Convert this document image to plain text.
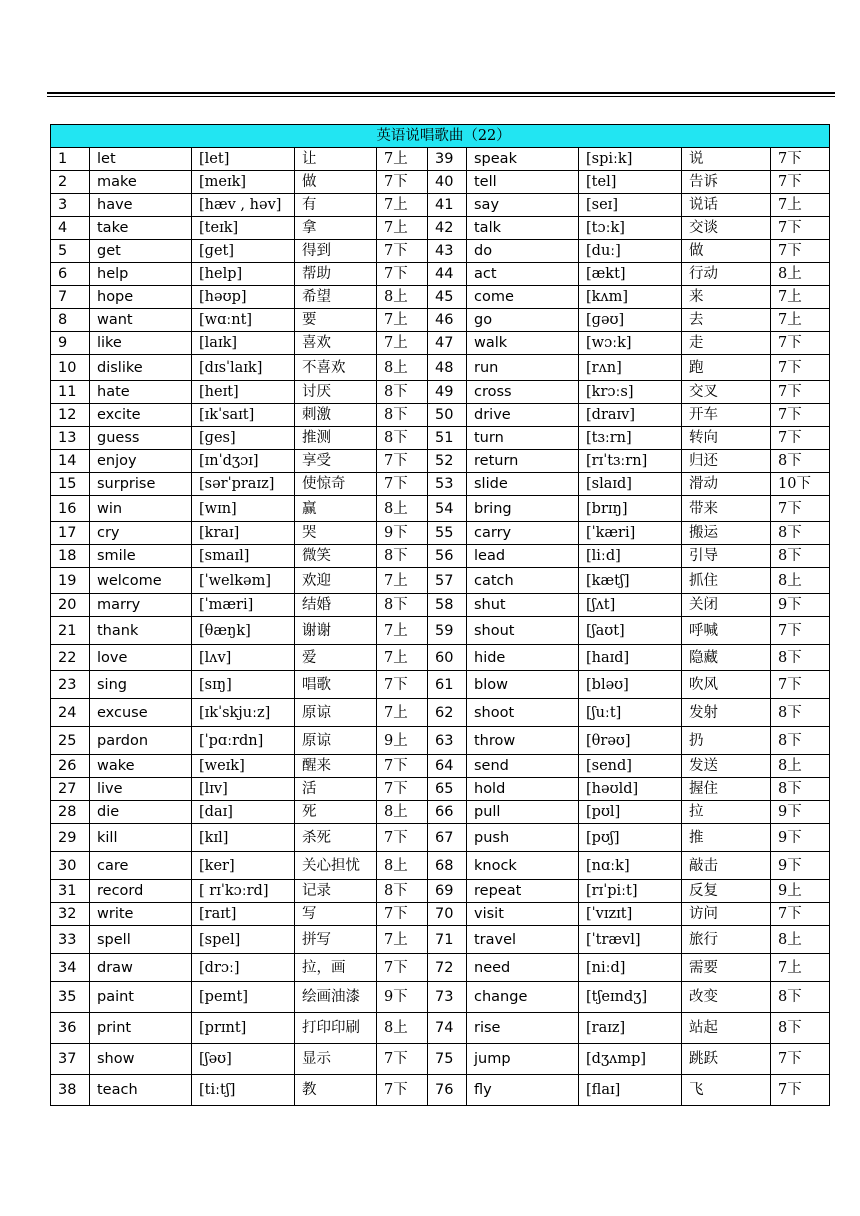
英语说唱歌曲（22）									
1	let	[let]	让	7上	39	speak	[spiːk]	说	7下
2	make	[meɪk]	做	7下	40	tell	[tel]	告诉	7下
3	have	[hæv , həv]	有	7上	41	say	[seɪ]	说话	7上
4	take	[teɪk]	拿	7上	42	talk	[tɔːk]	交谈	7下
5	get	[ɡet]	得到	7下	43	do	[duː]	做	7下
6	help	[help]	帮助	7下	44	act	[ækt]	行动	8上
7	hope	[həʊp]	希望	8上	45	come	[kʌm]	来	7上
8	want	[wɑːnt]	要	7上	46	go	[ɡəʊ]	去	7上
9	like	[laɪk]	喜欢	7上	47	walk	[wɔːk]	走	7下
10	dislike	[dɪsˈlaɪk]	不喜欢	8上	48	run	[rʌn]	跑	7下
11	hate	[heɪt]	讨厌	8下	49	cross	[krɔːs]	交叉	7下
12	excite	[ɪkˈsaɪt]	刺激	8下	50	drive	[draɪv]	开车	7下
13	guess	[ɡes]	推测	8下	51	turn	[tɜːrn]	转向	7下
14	enjoy	[ɪnˈdʒɔɪ]	享受	7下	52	return	[rɪˈtɜːrn]	归还	8下
15	surprise	[sərˈpraɪz]	使惊奇	7下	53	slide	[slaɪd]	滑动	10下
16	win	[wɪn]	赢	8上	54	bring	[brɪŋ]	带来	7下
17	cry	[kraɪ]	哭	9下	55	carry	[ˈkæri]	搬运	8下
18	smile	[smaɪl]	微笑	8下	56	lead	[liːd]	引导	8下
19	welcome	[ˈwelkəm]	欢迎	7上	57	catch	[kætʃ]	抓住	8上
20	marry	[ˈmæri]	结婚	8下	58	shut	[ʃʌt]	关闭	9下
21	thank	[θæŋk]	谢谢	7上	59	shout	[ʃaʊt]	呼喊	7下
22	love	[lʌv]	爱	7上	60	hide	[haɪd]	隐藏	8下
23	sing	[sɪŋ]	唱歌	7下	61	blow	[bləʊ]	吹风	7下
24	excuse	[ɪkˈskjuːz]	原谅	7上	62	shoot	[ʃuːt]	发射	8下
25	pardon	[ˈpɑːrdn]	原谅	9上	63	throw	[θrəʊ]	扔	8下
26	wake	[weɪk]	醒来	7下	64	send	[send]	发送	8上
27	live	[lɪv]	活	7下	65	hold	[həʊld]	握住	8下
28	die	[daɪ]	死	8上	66	pull	[pʊl]	拉	9下
29	kill	[kɪl]	杀死	7下	67	push	[pʊʃ]	推	9下
30	care	[ker]	关心担忧	8上	68	knock	[nɑːk]	敲击	9下
31	record	[ rɪˈkɔːrd]	记录	8下	69	repeat	[rɪˈpiːt]	反复	9上
32	write	[raɪt]	写	7下	70	visit	[ˈvɪzɪt]	访问	7下
33	spell	[spel]	拼写	7上	71	travel	[ˈtrævl]	旅行	8上
34	draw	[drɔː]	拉，画	7下	72	need	[niːd]	需要	7上
35	paint	[peɪnt]	绘画油漆	9下	73	change	[tʃeɪndʒ]	改变	8下
36	print	[prɪnt]	打印印刷	8上	74	rise	[raɪz]	站起	8下
37	show	[ʃəʊ]	显示	7下	75	jump	[dʒʌmp]	跳跃	7下
38	teach	[tiːtʃ]	教	7下	76	fly	[flaɪ]	飞	7下
